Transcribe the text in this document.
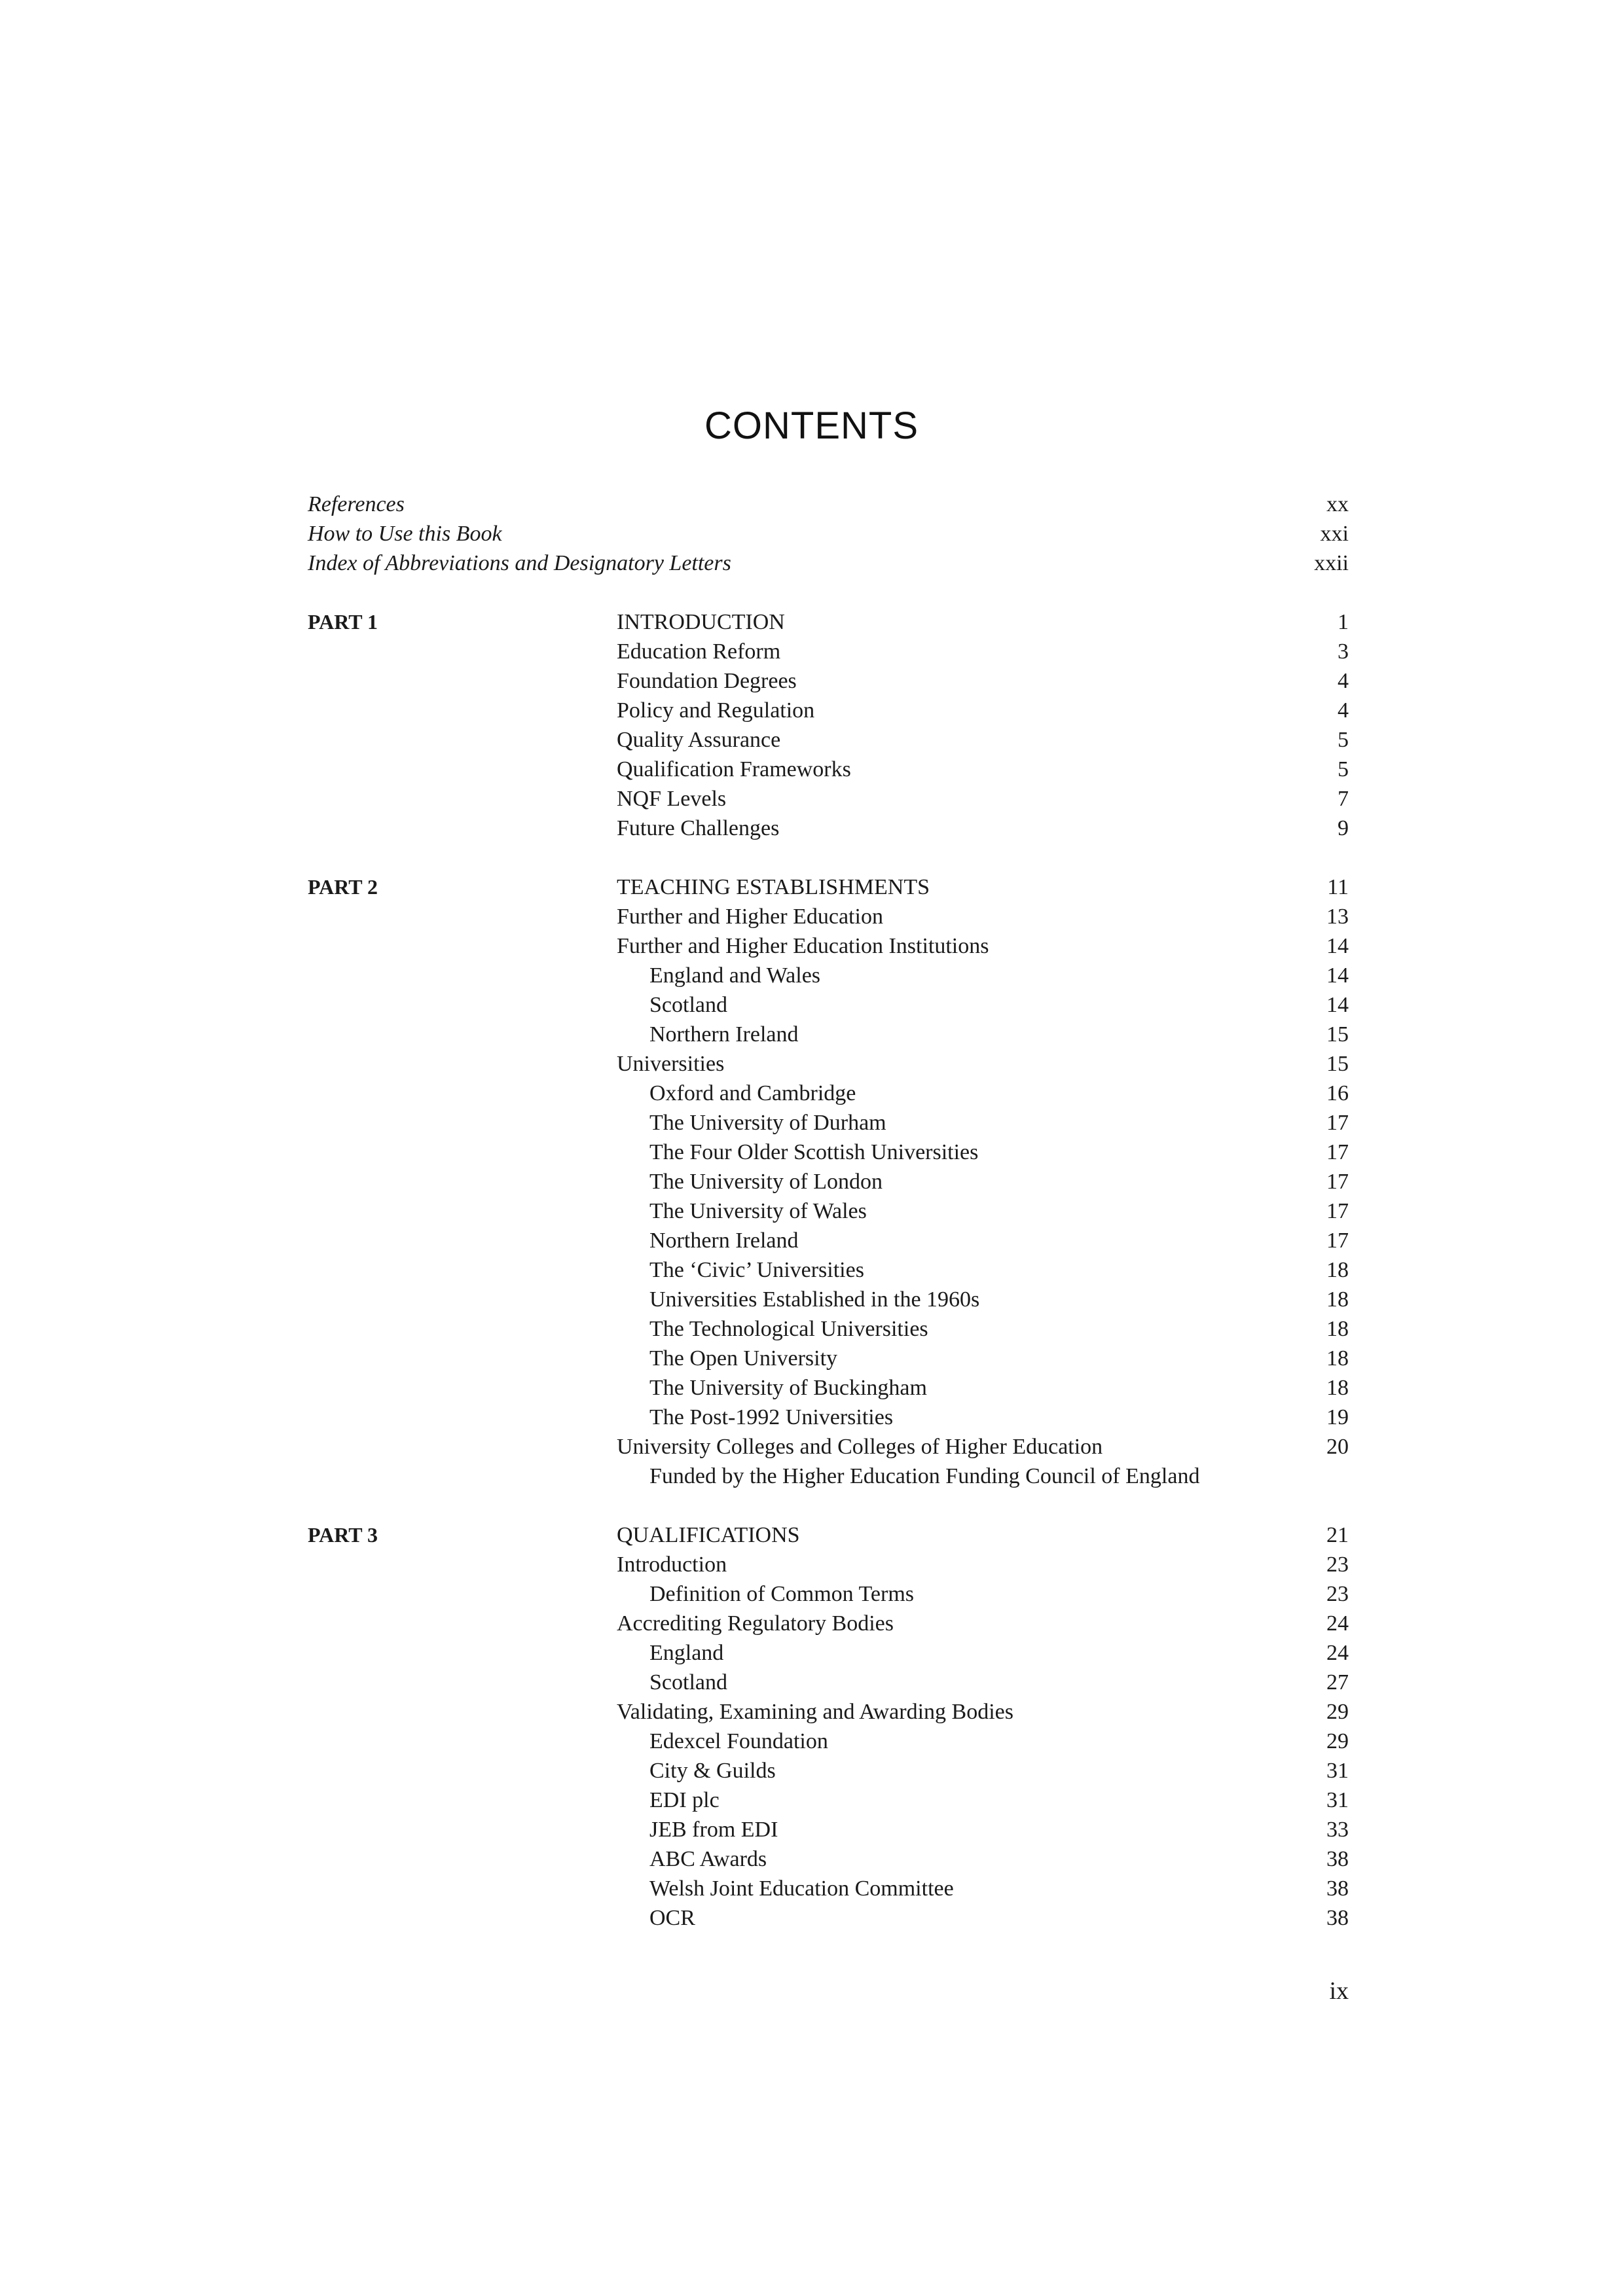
CONTENTS
References	xx
How to Use this Book	xxi
Index of Abbreviations and Designatory Letters	xxii
PART 1	INTRODUCTION	1
Education Reform	3
Foundation Degrees	4
Policy and Regulation	4
Quality Assurance	5
Qualification Frameworks	5
NQF Levels	7
Future Challenges	9
PART 2	TEACHING ESTABLISHMENTS	11
Further and Higher Education	13
Further and Higher Education Institutions	14
England and Wales	14
Scotland	14
Northern Ireland	15
Universities	15
Oxford and Cambridge	16
The University of Durham	17
The Four Older Scottish Universities	17
The University of London	17
The University of Wales	17
Northern Ireland	17
The ‘Civic’ Universities	18
Universities Established in the 1960s	18
The Technological Universities	18
The Open University	18
The University of Buckingham	18
The Post-1992 Universities	19
University Colleges and Colleges of Higher Education	20
Funded by the Higher Education Funding Council of England
PART 3	QUALIFICATIONS	21
Introduction	23
Definition of Common Terms	23
Accrediting Regulatory Bodies	24
England	24
Scotland	27
Validating, Examining and Awarding Bodies	29
Edexcel Foundation	29
City & Guilds	31
EDI plc	31
JEB from EDI	33
ABC Awards	38
Welsh Joint Education Committee	38
OCR	38
ix
